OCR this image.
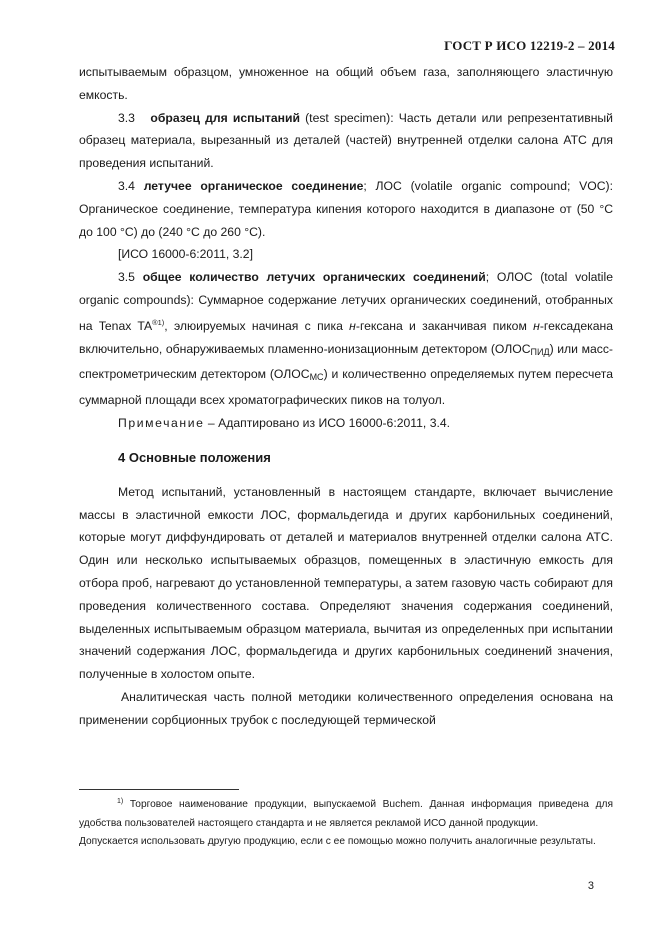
ГОСТ Р ИСО 12219-2 – 2014

испытываемым образцом, умноженное на общий объем газа, заполняющего эластичную емкость.

3.3 образец для испытаний (test specimen): Часть детали или репрезентативный образец материала, вырезанный из деталей (частей) внутренней отделки салона АТС для проведения испытаний.

3.4 летучее органическое соединение; ЛОС (volatile organic compound; VOC): Органическое соединение, температура кипения которого находится в диапазоне от (50 °С до 100 °С) до (240 °С до 260 °С).

[ИСО 16000-6:2011, 3.2]

3.5 общее количество летучих органических соединений; ОЛОС (total volatile organic compounds): Суммарное содержание летучих органических соединений, отобранных на Tenax $TA^{®1)}$, элюируемых начиная с пика н-гексана и заканчивая пиком н-гексадекана включительно, обнаруживаемых пламенно-ионизационным детектором (ОЛОСПИД) или масс-спектрометрическим детектором (ОЛОСМС) и количественно определяемых путем пересчета суммарной площади всех хроматографических пиков на толуол.

Примечание – Адаптировано из ИСО 16000-6:2011, 3.4.

4 Основные положения

Метод испытаний, установленный в настоящем стандарте, включает вычисление массы в эластичной емкости ЛОС, формальдегида и других карбонильных соединений, которые могут диффундировать от деталей и материалов внутренней отделки салона АТС. Один или несколько испытываемых образцов, помещенных в эластичную емкость для отбора проб, нагревают до установленной температуры, а затем газовую часть собирают для проведения количественного состава. Определяют значения содержания соединений, выделенных испытываемым образцом материала, вычитая из определенных при испытании значений содержания ЛОС, формальдегида и других карбонильных соединений значения, полученные в холостом опыте.

Аналитическая часть полной методики количественного определения основана на применении сорбционных трубок с последующей термической

$^{1)}$ Торговое наименование продукции, выпускаемой Buchem. Данная информация приведена для удобства пользователей настоящего стандарта и не является рекламой ИСО данной продукции.

Допускается использовать другую продукцию, если с ее помощью можно получить аналогичные результаты.

3
